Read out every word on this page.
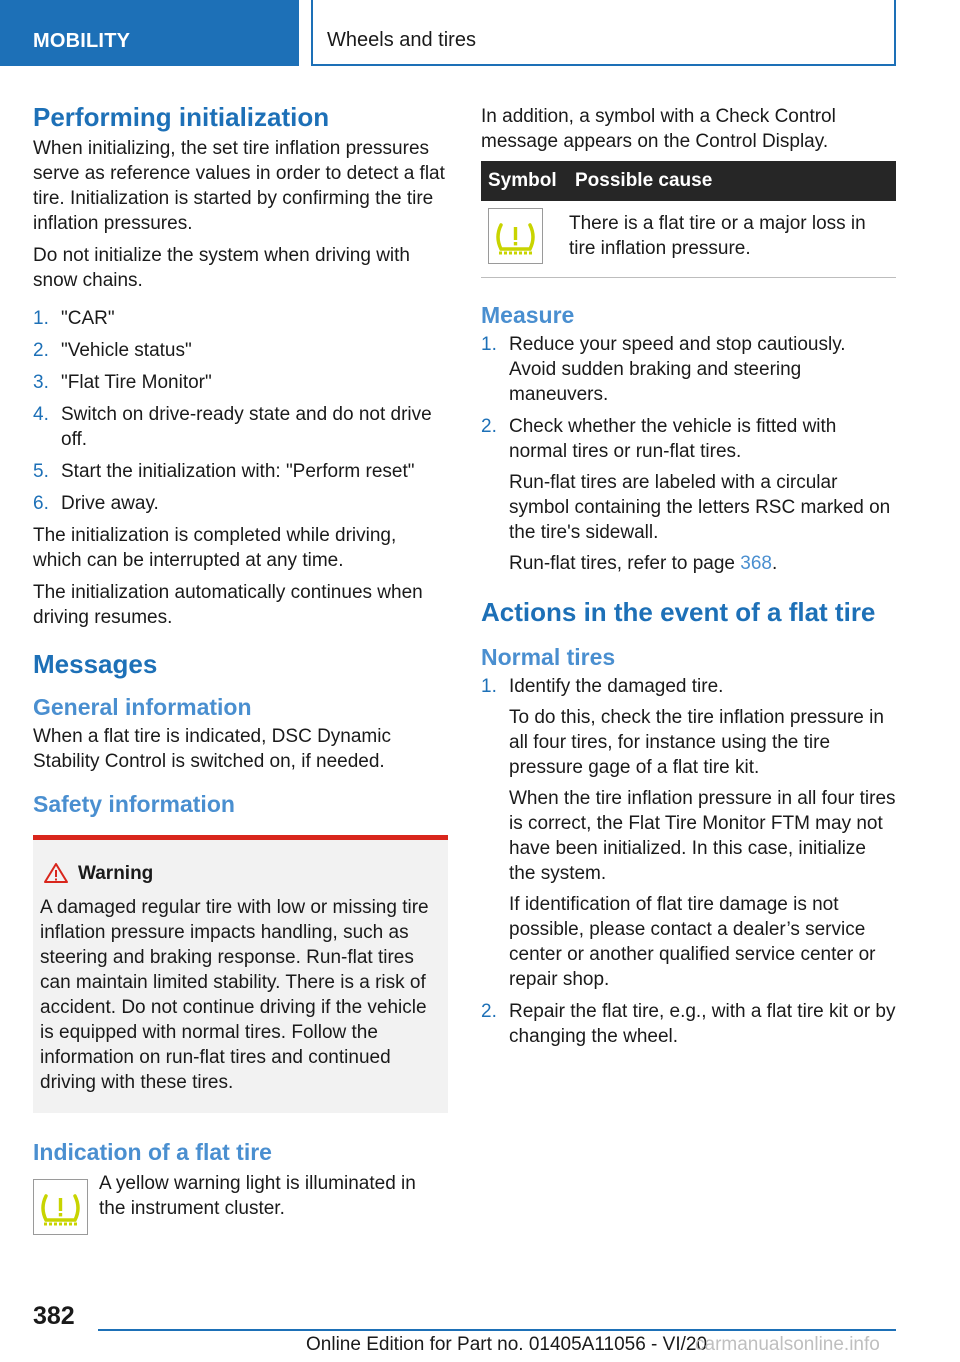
MOBILITY	Wheels and tires
Performing initialization

When initializing, the set tire inflation pressures serve as reference values in order to detect a flat tire. Initialization is started by confirming the tire inflation pressures.

Do not initialize the system when driving with snow chains.

1. "CAR"
2. "Vehicle status"
3. "Flat Tire Monitor"
4. Switch on drive-ready state and do not drive off.
5. Start the initialization with: "Perform reset"
6. Drive away.

The initialization is completed while driving, which can be interrupted at any time.

The initialization automatically continues when driving resumes.

Messages
General information

When a flat tire is indicated, DSC Dynamic Stability Control is switched on, if needed.

Safety information
Warning

A damaged regular tire with low or missing tire inflation pressure impacts handling, such as steering and braking response. Run-flat tires can maintain limited stability. There is a risk of accident. Do not continue driving if the vehicle is equipped with normal tires. Follow the information on run-flat tires and continued driving with these tires.

Indication of a flat tire

A yellow warning light is illuminated in the instrument cluster.

In addition, a symbol with a Check Control message appears on the Control Display.

Symbol	Possible cause

	There is a flat tire or a major loss in tire inflation pressure.
Measure
1. Reduce your speed and stop cautiously. Avoid sudden braking and steering maneuvers.
2. Check whether the vehicle is fitted with normal tires or run-flat tires.

Run-flat tires are labeled with a circular symbol containing the letters RSC marked on the tire's sidewall.

Run-flat tires, refer to page 368.

Actions in the event of a flat tire
Normal tires
1. Identify the damaged tire.

To do this, check the tire inflation pressure in all four tires, for instance using the tire pressure gage of a flat tire kit.

When the tire inflation pressure in all four tires is correct, the Flat Tire Monitor FTM may not have been initialized. In this case, initialize the system.

If identification of flat tire damage is not possible, please contact a dealer’s service center or another qualified service center or repair shop.

2. Repair the flat tire, e.g., with a flat tire kit or by changing the wheel.
382
Online Edition for Part no. 01405A11056 - VI/20
carmanualsonline.info
